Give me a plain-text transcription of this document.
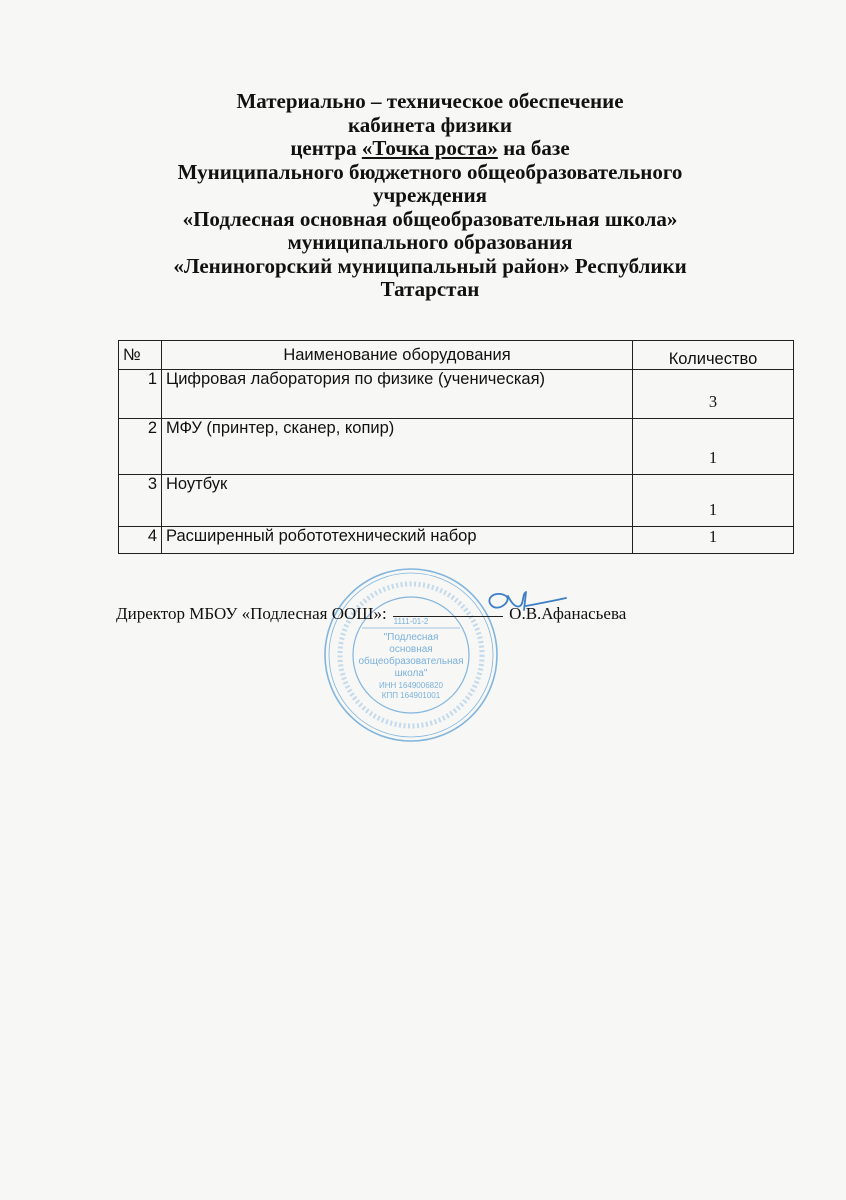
Материально – техническое обеспечение
кабинета физики
центра «Точка роста» на базе
Муниципального бюджетного общеобразовательного
учреждения
«Подлесная основная общеобразовательная школа»
муниципального образования
«Лениногорский муниципальный район» Республики
Татарстан
№	Наименование оборудования	Количество
1	Цифровая лаборатория по физике (ученическая)	3
2	МФУ (принтер, сканер, копир)	1
3	Ноутбук	1
4	Расширенный робототехнический набор	1
1111-01-2
"Подлесная
основная
общеобразовательная
школа"
ИНН 1649006820
КПП 164901001
Директор МБОУ «Подлесная ООШ»:	О.В.Афанасьева
